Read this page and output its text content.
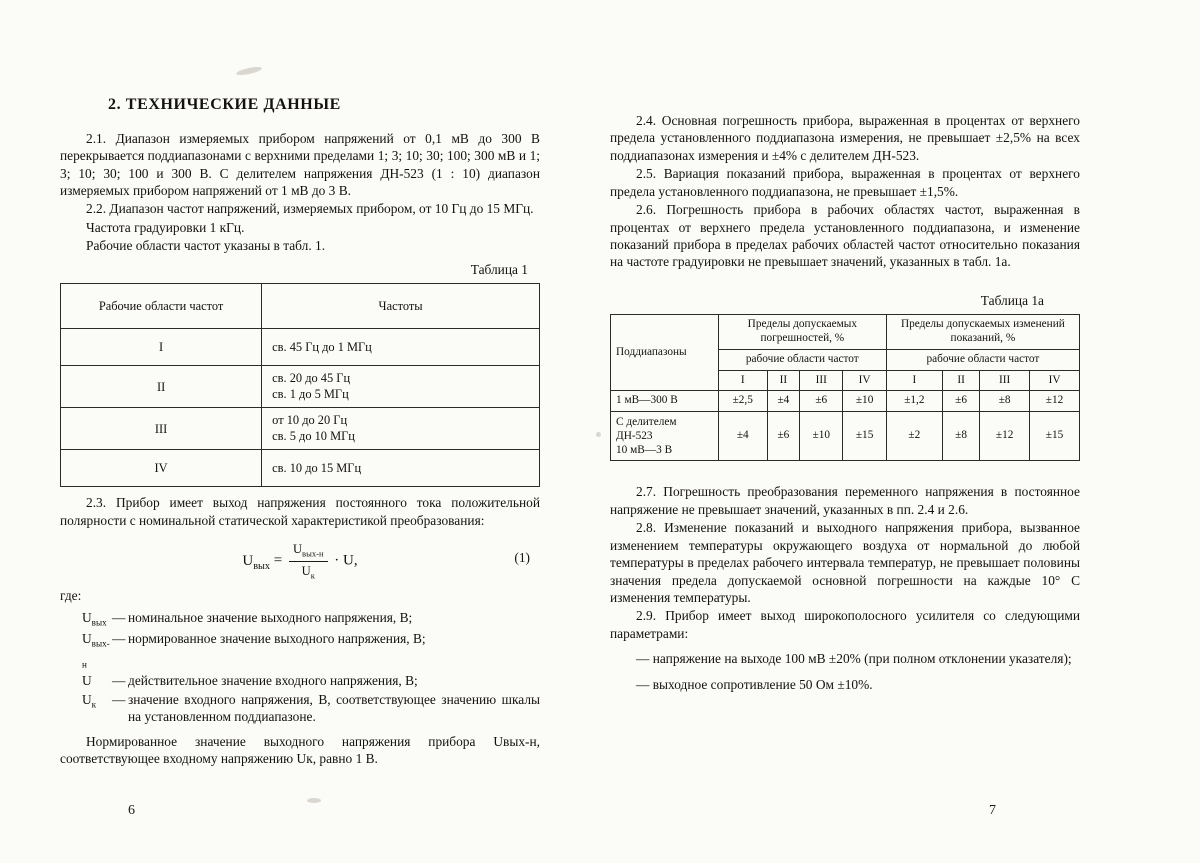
2. ТЕХНИЧЕСКИЕ ДАННЫЕ

2.1. Диапазон измеряемых прибором напряжений от 0,1 мВ до 300 В перекрывается поддиапазонами с верхними пределами 1; 3; 10; 30; 100; 300 мВ и 1; 3; 10; 30; 100 и 300 В. С делителем напряжения ДН-523 (1 : 10) диапазон измеряемых прибором напряжений от 1 мВ до 3 В.

2.2. Диапазон частот напряжений, измеряемых прибором, от 10 Гц до 15 МГц.

Частота градуировки 1 кГц.

Рабочие области частот указаны в табл. 1.

Таблица 1
Рабочие области частот	Частоты
I	св. 45 Гц до 1 МГц
II	св. 20 до 45 Гц
св. 1 до 5 МГц
III	от 10 до 20 Гц
св. 5 до 10 МГц
IV	св. 10 до 15 МГц

2.3. Прибор имеет выход напряжения постоянного тока положительной полярности с номинальной статической характеристикой преобразования:

$U_{вых} = \frac{U_{вых-н}}{U_к} \cdot U$,	(1)

где:

$U_{вых}$ — номинальное значение выходного напряжения, В;
$U_{вых-н}$
— нормированное значение выходного напряжения, В;
U	— действительное значение входного напряжения, В;
$U_к$	— значение входного напряжения, В, соответствующее значению шкалы на установленном поддиапазоне.

Нормированное значение выходного напряжения прибора Uвых-н, соответствующее входному напряжению Uк, равно 1 В.

6

2.4. Основная погрешность прибора, выраженная в процентах от верхнего предела установленного поддиапазона измерения, не превышает ±2,5% на всех поддиапазонах измерения и ±4% с делителем ДН-523.

2.5. Вариация показаний прибора, выраженная в процентах от верхнего предела установленного поддиапазона, не превышает ±1,5%.

2.6. Погрешность прибора в рабочих областях частот, выраженная в процентах от верхнего предела установленного поддиапазона, и изменение показаний прибора в пределах рабочих областей частот относительно показания на частоте градуировки не превышает значений, указанных в табл. 1а.

Таблица 1а
Поддиапазоны	Пределы допускаемых погрешностей, %				Пределы допускаемых изменений показаний, %			
	рабочие области частот				рабочие области частот			
	I	II	III	IV	I	II	III	IV
1 мВ—300 В	±2,5	±4	±6	±10	±1,2	±6	±8	±12
С делителем
ДН-523
10 мВ—3 В	±4	±6	±10	±15	±2	±8	±12	±15

2.7. Погрешность преобразования переменного напряжения в постоянное напряжение не превышает значений, указанных в пп. 2.4 и 2.6.

2.8. Изменение показаний и выходного напряжения прибора, вызванное изменением температуры окружающего воздуха от нормальной до любой температуры в пределах рабочего интервала температур, не превышает половины значения предела допускаемой основной погрешности на каждые 10° С изменения температуры.

2.9. Прибор имеет выход широкополосного усилителя со следующими параметрами:

— напряжение на выходе 100 мВ ±20% (при полном отклонении указателя);

— выходное сопротивление 50 Ом ±10%.

7
